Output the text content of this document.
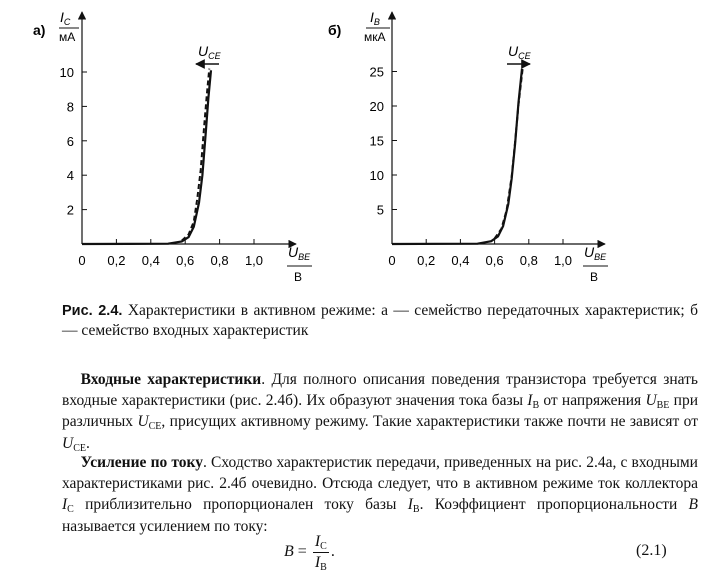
а)
$I_C$
мА
2
4
6
8
10
0 0,2 0,4 0,6 0,8 1,0
$U_{BE}$
В
$U_{CE}$
б)
$I_B$
мкА
5
10
15
20
25
0 0,2 0,4 0,6 0,8 1,0
$U_{BE}$
В
$U_{CE}$
Рис. 2.4. Характеристики в активном режиме: а — семейство передаточных характеристик; б — семейство входных характеристик
Входные характеристики. Для полного описания поведения транзистора требуется знать входные характеристики (рис. 2.4б). Их образуют значения тока базы $I_B$ от напряжения $U_{BE}$ при различных $U_{CE}$, присущих активному режиму. Такие характеристики также почти не зависят от $U_{CE}$.
Усиление по току. Сходство характеристик передачи, приведенных на рис. 2.4а, с входными характеристиками рис. 2.4б очевидно. Отсюда следует, что в активном режиме ток коллектора $I_C$ приблизительно пропорционален току базы $I_B$. Коэффициент пропорциональности B называется усилением по току:
$B = \frac{I_C}{I_B}$ .	(2.1)
